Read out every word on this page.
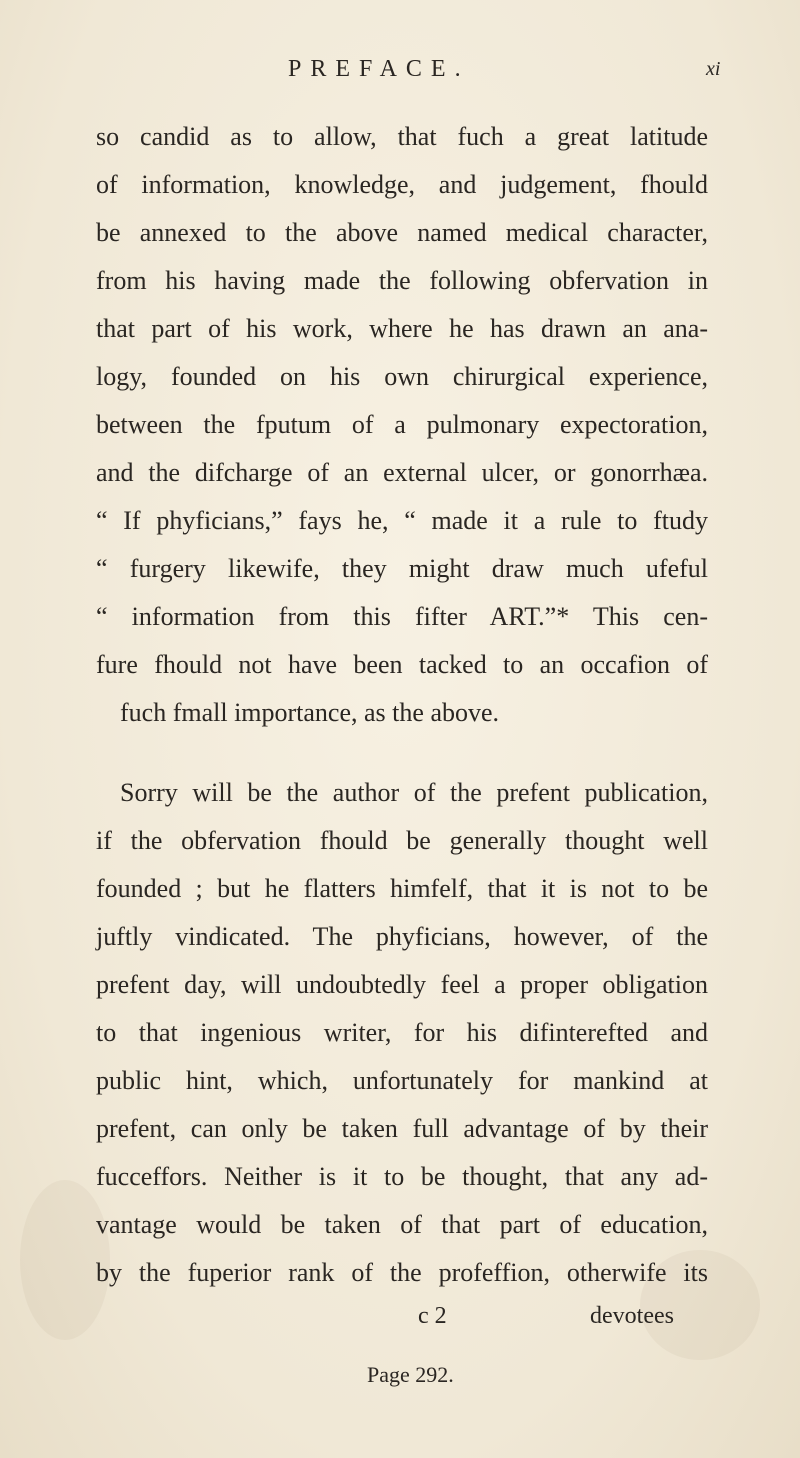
PREFACE.	xi
so candid as to allow, that fuch a great latitude
of information, knowledge, and judgement, fhould
be annexed to the above named medical character,
from his having made the following obfervation in
that part of his work, where he has drawn an ana-
logy, founded on his own chirurgical experience,
between the fputum of a pulmonary expectoration,
and the difcharge of an external ulcer, or gonorrhæa.
“ If phyficians,” fays he, “ made it a rule to ftudy
“ furgery likewife, they might draw much ufeful
“ information from this fifter ART.”* This cen-
fure fhould not have been tacked to an occafion of
fuch fmall importance, as the above.
Sorry will be the author of the prefent publication,
if the obfervation fhould be generally thought well
founded ; but he flatters himfelf, that it is not to be
juftly vindicated. The phyficians, however, of the
prefent day, will undoubtedly feel a proper obligation
to that ingenious writer, for his difinterefted and
public hint, which, unfortunately for mankind at
prefent, can only be taken full advantage of by their
fucceffors. Neither is it to be thought, that any ad-
vantage would be taken of that part of education,
by the fuperior rank of the profeffion, otherwife its
c 2	devotees
Page 292.
